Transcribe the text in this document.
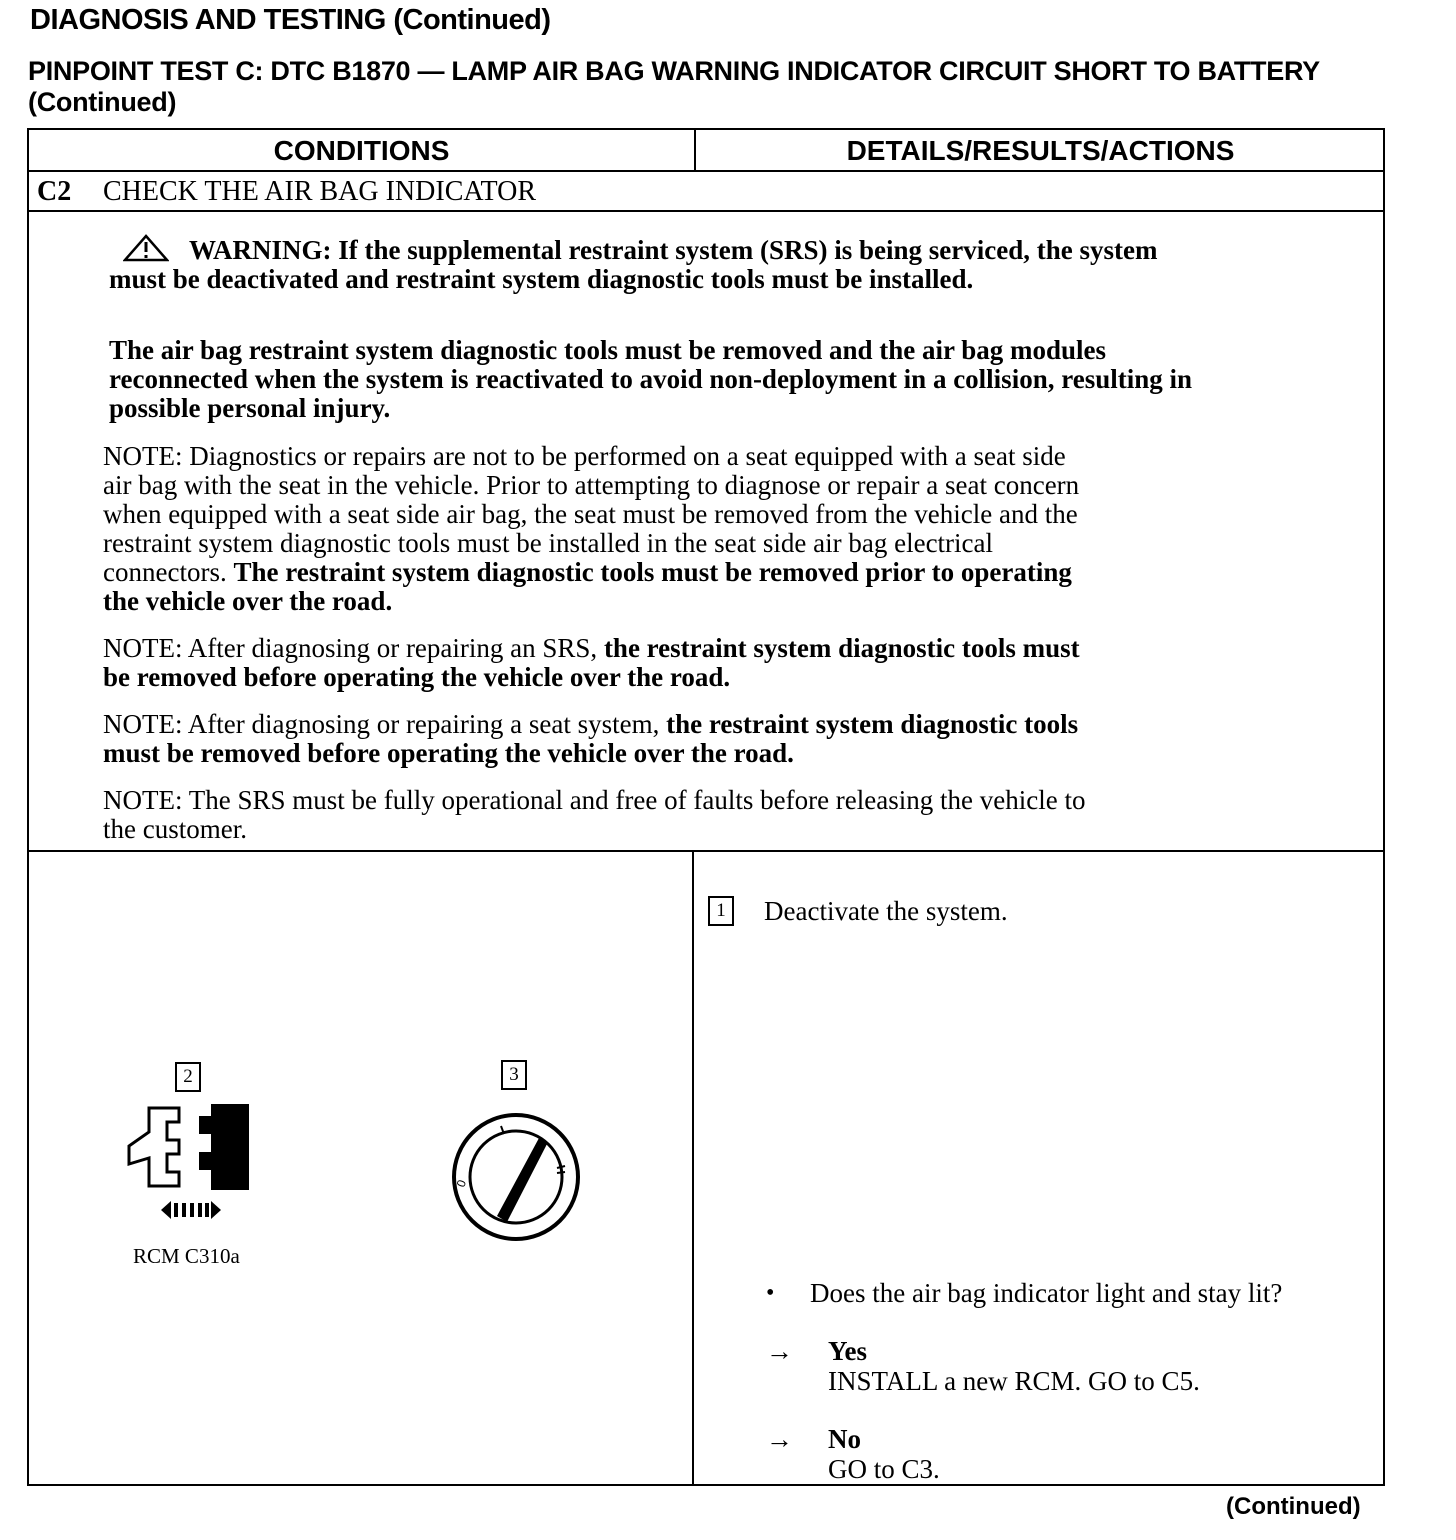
DIAGNOSIS AND TESTING (Continued)
PINPOINT TEST C: DTC B1870 — LAMP AIR BAG WARNING INDICATOR CIRCUIT SHORT TO BATTERY (Continued)
CONDITIONS	DETAILS/RESULTS/ACTIONS
C2 CHECK THE AIR BAG INDICATOR
WARNING: If the supplemental restraint system (SRS) is being serviced, the system
must be deactivated and restraint system diagnostic tools must be installed.
The air bag restraint system diagnostic tools must be removed and the air bag modules
reconnected when the system is reactivated to avoid non-deployment in a collision, resulting in
possible personal injury.
NOTE: Diagnostics or repairs are not to be performed on a seat equipped with a seat side
air bag with the seat in the vehicle. Prior to attempting to diagnose or repair a seat concern
when equipped with a seat side air bag, the seat must be removed from the vehicle and the
restraint system diagnostic tools must be installed in the seat side air bag electrical
connectors. The restraint system diagnostic tools must be removed prior to operating
the vehicle over the road.
NOTE: After diagnosing or repairing an SRS, the restraint system diagnostic tools must
be removed before operating the vehicle over the road.
NOTE: After diagnosing or repairing a seat system, the restraint system diagnostic tools
must be removed before operating the vehicle over the road.
NOTE: The SRS must be fully operational and free of faults before releasing the vehicle to
the customer.
2	3
RCM C310a
0
1	Deactivate the system.
• Does the air bag indicator light and stay lit?
→ Yes
INSTALL a new RCM. GO to C5.
→ No
GO to C3.
(Continued)
